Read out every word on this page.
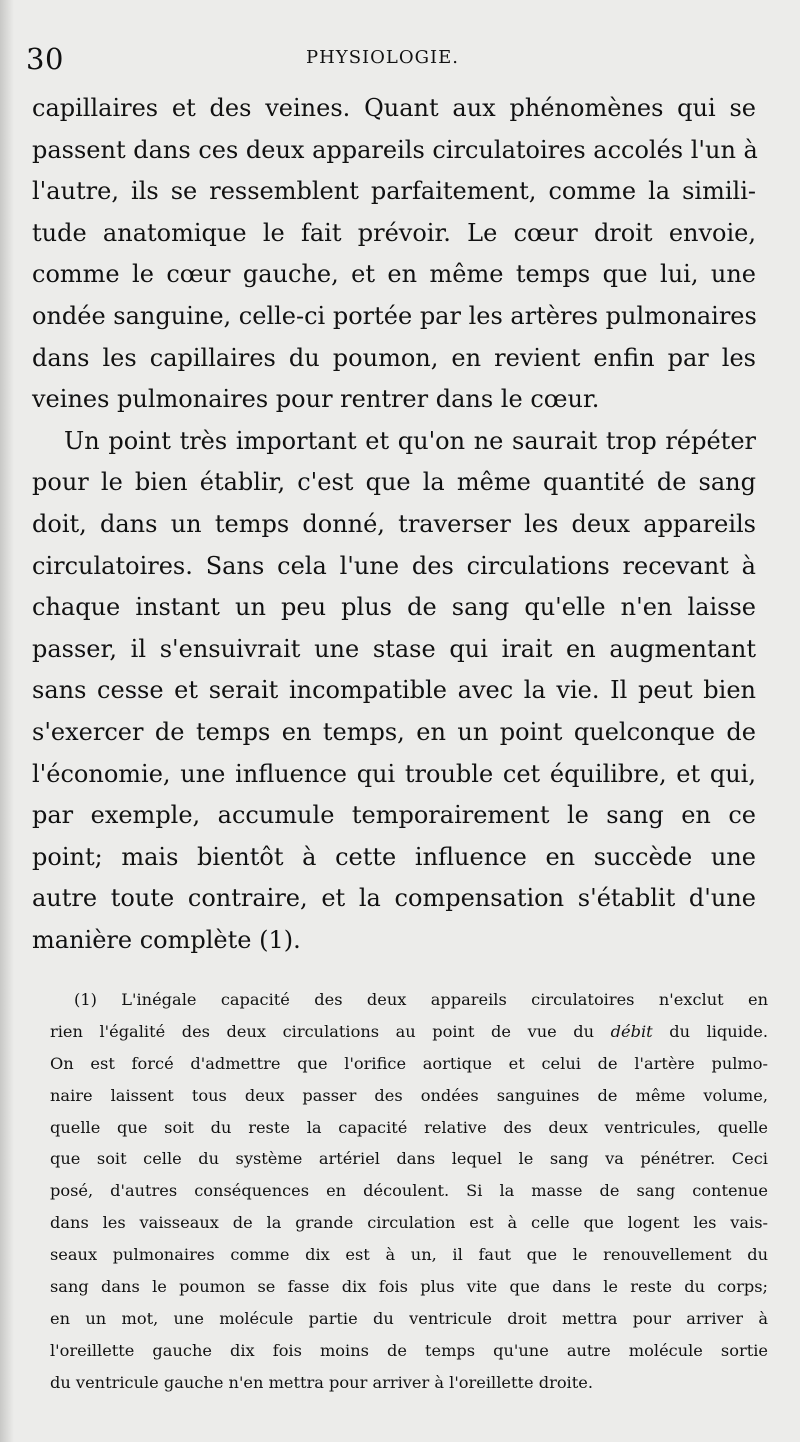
30	PHYSIOLOGIE.
capillaires et des veines. Quant aux phénomènes qui se
passent dans ces deux appareils circulatoires accolés l'un à
l'autre, ils se ressemblent parfaitement, comme la simili-
tude anatomique le fait prévoir. Le cœur droit envoie,
comme le cœur gauche, et en même temps que lui, une
ondée sanguine, celle-ci portée par les artères pulmonaires
dans les capillaires du poumon, en revient enfin par les
veines pulmonaires pour rentrer dans le cœur.
Un point très important et qu'on ne saurait trop répéter
pour le bien établir, c'est que la même quantité de sang
doit, dans un temps donné, traverser les deux appareils
circulatoires. Sans cela l'une des circulations recevant à
chaque instant un peu plus de sang qu'elle n'en laisse
passer, il s'ensuivrait une stase qui irait en augmentant
sans cesse et serait incompatible avec la vie. Il peut bien
s'exercer de temps en temps, en un point quelconque de
l'économie, une influence qui trouble cet équilibre, et qui,
par exemple, accumule temporairement le sang en ce
point; mais bientôt à cette influence en succède une
autre toute contraire, et la compensation s'établit d'une
manière complète (1).
(1) L'inégale capacité des deux appareils circulatoires n'exclut en
rien l'égalité des deux circulations au point de vue du débit du liquide.
On est forcé d'admettre que l'orifice aortique et celui de l'artère pulmo-
naire laissent tous deux passer des ondées sanguines de même volume,
quelle que soit du reste la capacité relative des deux ventricules, quelle
que soit celle du système artériel dans lequel le sang va pénétrer. Ceci
posé, d'autres conséquences en découlent. Si la masse de sang contenue
dans les vaisseaux de la grande circulation est à celle que logent les vais-
seaux pulmonaires comme dix est à un, il faut que le renouvellement du
sang dans le poumon se fasse dix fois plus vite que dans le reste du corps;
en un mot, une molécule partie du ventricule droit mettra pour arriver à
l'oreillette gauche dix fois moins de temps qu'une autre molécule sortie
du ventricule gauche n'en mettra pour arriver à l'oreillette droite.
